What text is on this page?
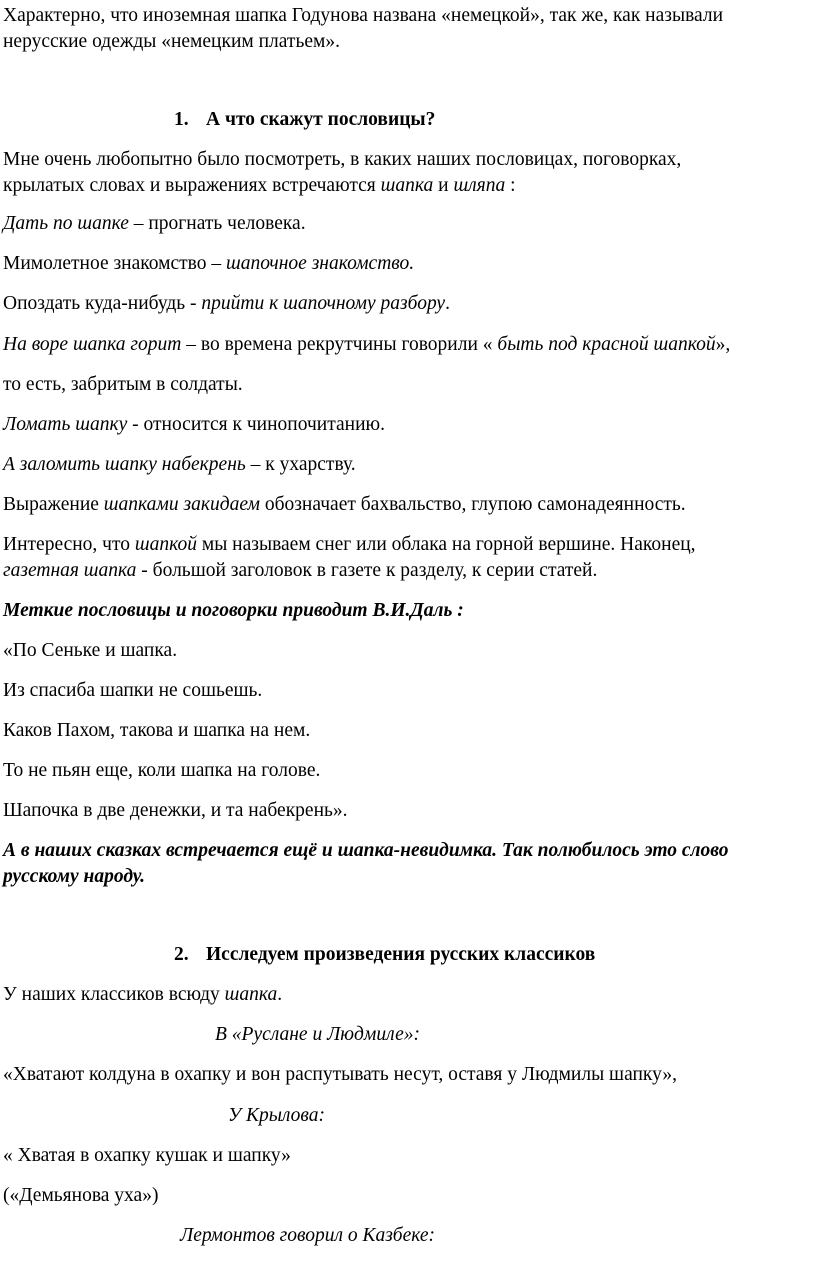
Характерно, что иноземная шапка Годунова названа «немецкой», так же, как называли
нерусские одежды «немецким платьем».
1. А что скажут пословицы?
Мне очень любопытно было посмотреть, в каких наших пословицах, поговорках,
крылатых словах и выражениях встречаются шапка и шляпа :
Дать по шапке – прогнать человека.
Мимолетное знакомство – шапочное знакомство.
Опоздать куда-нибудь - прийти к шапочному разбору.
На воре шапка горит – во времена рекрутчины говорили « быть под красной шапкой»,
то есть, забритым в солдаты.
Ломать шапку - относится к чинопочитанию.
А заломить шапку набекрень – к ухарству.
Выражение шапками закидаем обозначает бахвальство, глупою самонадеянность.
Интересно, что шапкой мы называем снег или облака на горной вершине. Наконец,
газетная шапка - большой заголовок в газете к разделу, к серии статей.
Меткие пословицы и поговорки приводит В.И.Даль :
«По Сеньке и шапка.
Из спасиба шапки не сошьешь.
Каков Пахом, такова и шапка на нем.
То не пьян еще, коли шапка на голове.
Шапочка в две денежки, и та набекрень».
А в наших сказках встречается ещё и шапка-невидимка. Так полюбилось это слово
русскому народу.
2. Исследуем произведения русских классиков
У наших классиков всюду шапка.
В «Руслане и Людмиле»:
«Хватают колдуна в охапку и вон распутывать несут, оставя у Людмилы шапку»,
У Крылова:
« Хватая в охапку кушак и шапку»
(«Демьянова уха»)
Лермонтов говорил о Казбеке:
